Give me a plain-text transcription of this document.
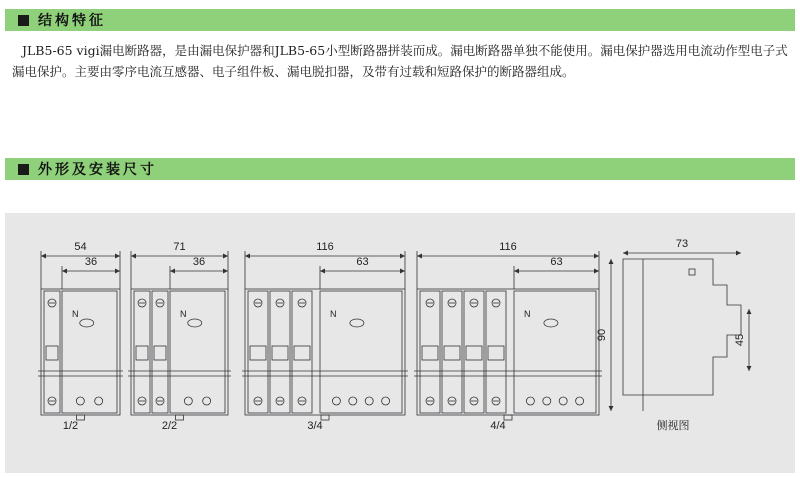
结构特征
JLB5-65 vigi漏电断路器，是由漏电保护器和JLB5-65小型断路器拼装而成。漏电断路器单独不能使用。漏电保护器选用电流动作型电子式漏电保护。主要由零序电流互感器、电子组件板、漏电脱扣器，及带有过载和短路保护的断路器组成。
外形及安装尺寸
N
54
36
1/2
N
71
36
2/2
N
116
63
3/4
N
116
63
4/4
73
90	45
侧视图
